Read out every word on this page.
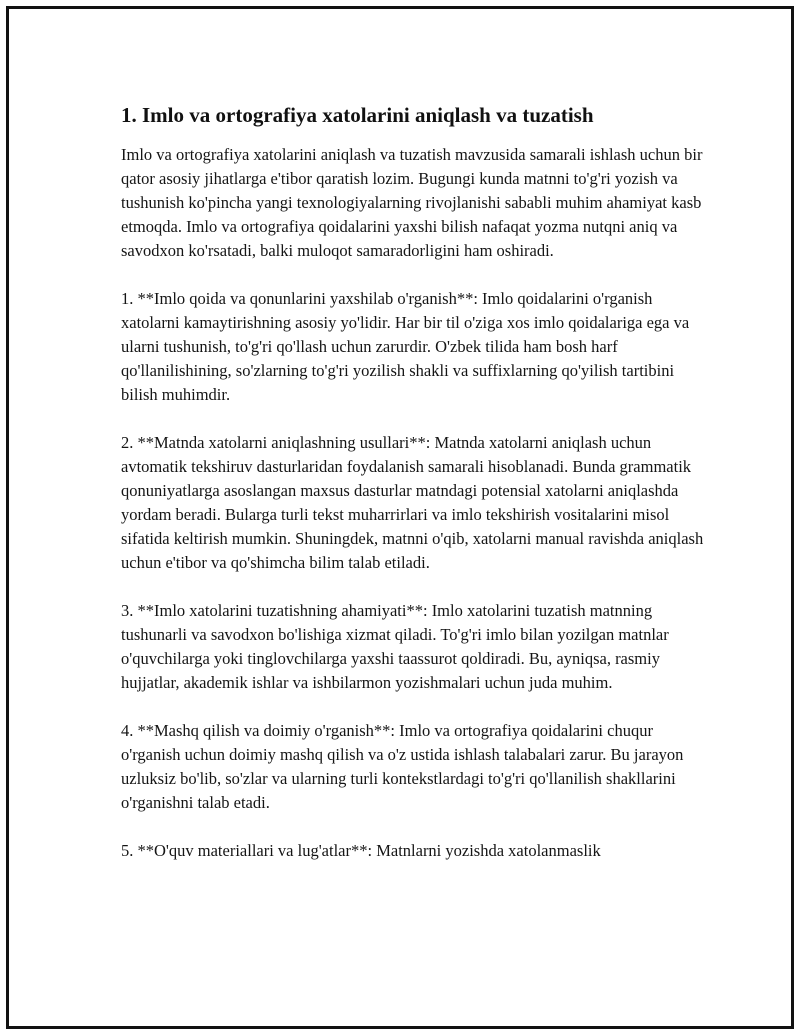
1. Imlo va ortografiya xatolarini aniqlash va tuzatish

Imlo va ortografiya xatolarini aniqlash va tuzatish mavzusida samarali ishlash uchun bir qator asosiy jihatlarga e'tibor qaratish lozim. Bugungi kunda matnni to'g'ri yozish va tushunish ko'pincha yangi texnologiyalarning rivojlanishi sababli muhim ahamiyat kasb etmoqda. Imlo va ortografiya qoidalarini yaxshi bilish nafaqat yozma nutqni aniq va savodxon ko'rsatadi, balki muloqot samaradorligini ham oshiradi.

1. **Imlo qoida va qonunlarini yaxshilab o'rganish**: Imlo qoidalarini o'rganish xatolarni kamaytirishning asosiy yo'lidir. Har bir til o'ziga xos imlo qoidalariga ega va ularni tushunish, to'g'ri qo'llash uchun zarurdir. O'zbek tilida ham bosh harf qo'llanilishining, so'zlarning to'g'ri yozilish shakli va suffixlarning qo'yilish tartibini bilish muhimdir.

2. **Matnda xatolarni aniqlashning usullari**: Matnda xatolarni aniqlash uchun avtomatik tekshiruv dasturlaridan foydalanish samarali hisoblanadi. Bunda grammatik qonuniyatlarga asoslangan maxsus dasturlar matndagi potensial xatolarni aniqlashda yordam beradi. Bularga turli tekst muharrirlari va imlo tekshirish vositalarini misol sifatida keltirish mumkin. Shuningdek, matnni o'qib, xatolarni manual ravishda aniqlash uchun e'tibor va qo'shimcha bilim talab etiladi.

3. **Imlo xatolarini tuzatishning ahamiyati**: Imlo xatolarini tuzatish matnning tushunarli va savodxon bo'lishiga xizmat qiladi. To'g'ri imlo bilan yozilgan matnlar o'quvchilarga yoki tinglovchilarga yaxshi taassurot qoldiradi. Bu, ayniqsa, rasmiy hujjatlar, akademik ishlar va ishbilarmon yozishmalari uchun juda muhim.

4. **Mashq qilish va doimiy o'rganish**: Imlo va ortografiya qoidalarini chuqur o'rganish uchun doimiy mashq qilish va o'z ustida ishlash talabalari zarur. Bu jarayon uzluksiz bo'lib, so'zlar va ularning turli kontekstlardagi to'g'ri qo'llanilish shakllarini o'rganishni talab etadi.

5. **O'quv materiallari va lug'atlar**: Matnlarni yozishda xatolanmaslik
